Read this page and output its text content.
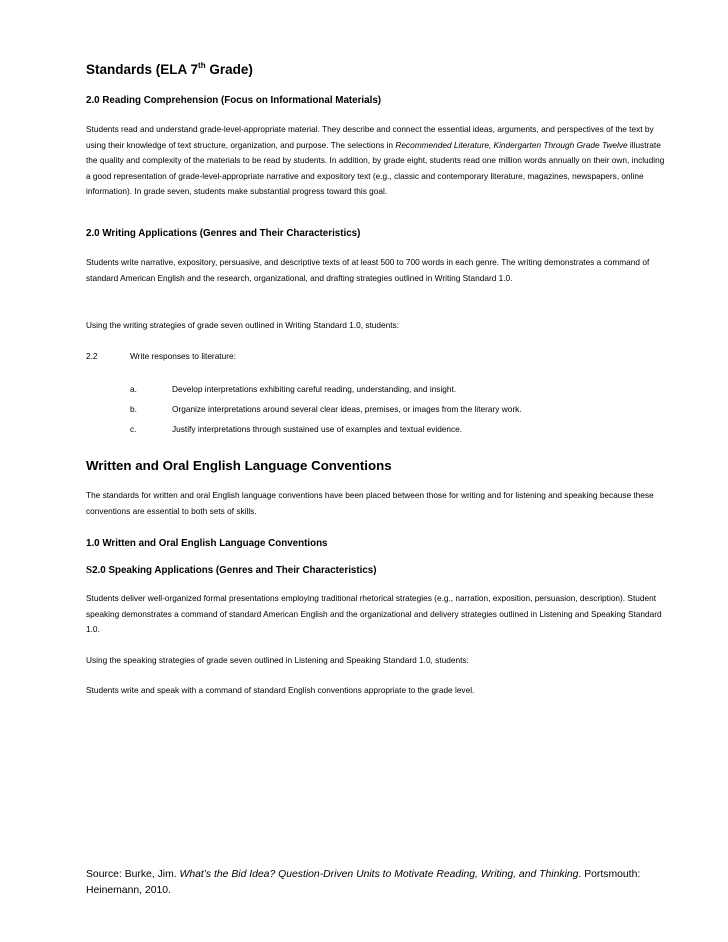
Standards (ELA 7th Grade)
2.0 Reading Comprehension (Focus on Informational Materials)
Students read and understand grade-level-appropriate material. They describe and connect the essential ideas, arguments, and perspectives of the text by using their knowledge of text structure, organization, and purpose. The selections in Recommended Literature, Kindergarten Through Grade Twelve illustrate the quality and complexity of the materials to be read by students. In addition, by grade eight, students read one million words annually on their own, including a good representation of grade-level-appropriate narrative and expository text (e.g., classic and contemporary literature, magazines, newspapers, online information). In grade seven, students make substantial progress toward this goal.
2.0 Writing Applications (Genres and Their Characteristics)
Students write narrative, expository, persuasive, and descriptive texts of at least 500 to 700 words in each genre. The writing demonstrates a command of standard American English and the research, organizational, and drafting strategies outlined in Writing Standard 1.0.
Using the writing strategies of grade seven outlined in Writing Standard 1.0, students:
2.2	Write responses to literature:
a.	Develop interpretations exhibiting careful reading, understanding, and insight.
b.	Organize interpretations around several clear ideas, premises, or images from the literary work.
c.	Justify interpretations through sustained use of examples and textual evidence.
Written and Oral English Language Conventions
The standards for written and oral English language conventions have been placed between those for writing and for listening and speaking because these conventions are essential to both sets of skills.
1.0 Written and Oral English Language Conventions
S2.0 Speaking Applications (Genres and Their Characteristics)
Students deliver well-organized formal presentations employing traditional rhetorical strategies (e.g., narration, exposition, persuasion, description). Student speaking demonstrates a command of standard American English and the organizational and delivery strategies outlined in Listening and Speaking Standard 1.0.
Using the speaking strategies of grade seven outlined in Listening and Speaking Standard 1.0, students:
Students write and speak with a command of standard English conventions appropriate to the grade level.
Source: Burke, Jim. What’s the Bid Idea? Question-Driven Units to Motivate Reading, Writing, and Thinking. Portsmouth: Heinemann, 2010.
